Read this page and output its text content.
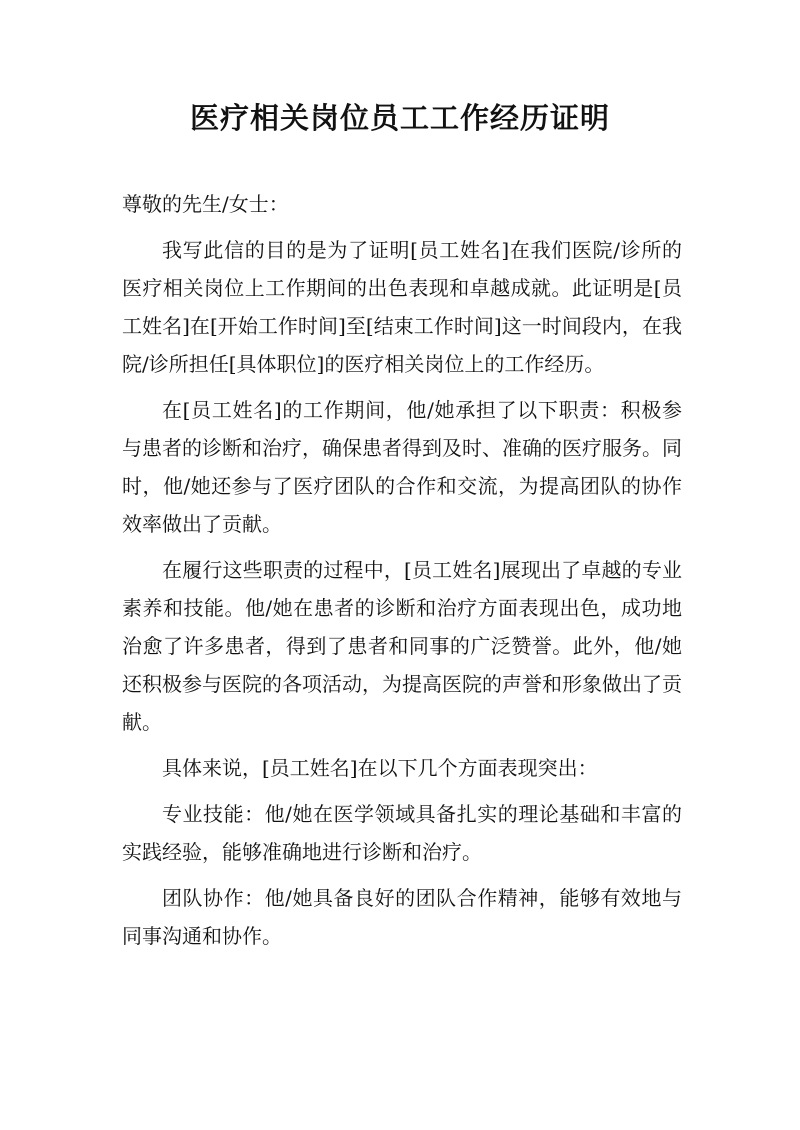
医疗相关岗位员工工作经历证明

尊敬的先生/女士：

我写此信的目的是为了证明[员工姓名]在我们医院/诊所的医疗相关岗位上工作期间的出色表现和卓越成就。此证明是[员工姓名]在[开始工作时间]至[结束工作时间]这一时间段内，在我院/诊所担任[具体职位]的医疗相关岗位上的工作经历。

在[员工姓名]的工作期间，他/她承担了以下职责：积极参与患者的诊断和治疗，确保患者得到及时、准确的医疗服务。同时，他/她还参与了医疗团队的合作和交流，为提高团队的协作效率做出了贡献。

在履行这些职责的过程中，[员工姓名]展现出了卓越的专业素养和技能。他/她在患者的诊断和治疗方面表现出色，成功地治愈了许多患者，得到了患者和同事的广泛赞誉。此外，他/她还积极参与医院的各项活动，为提高医院的声誉和形象做出了贡献。

具体来说，[员工姓名]在以下几个方面表现突出：

专业技能：他/她在医学领域具备扎实的理论基础和丰富的实践经验，能够准确地进行诊断和治疗。

团队协作：他/她具备良好的团队合作精神，能够有效地与同事沟通和协作。
